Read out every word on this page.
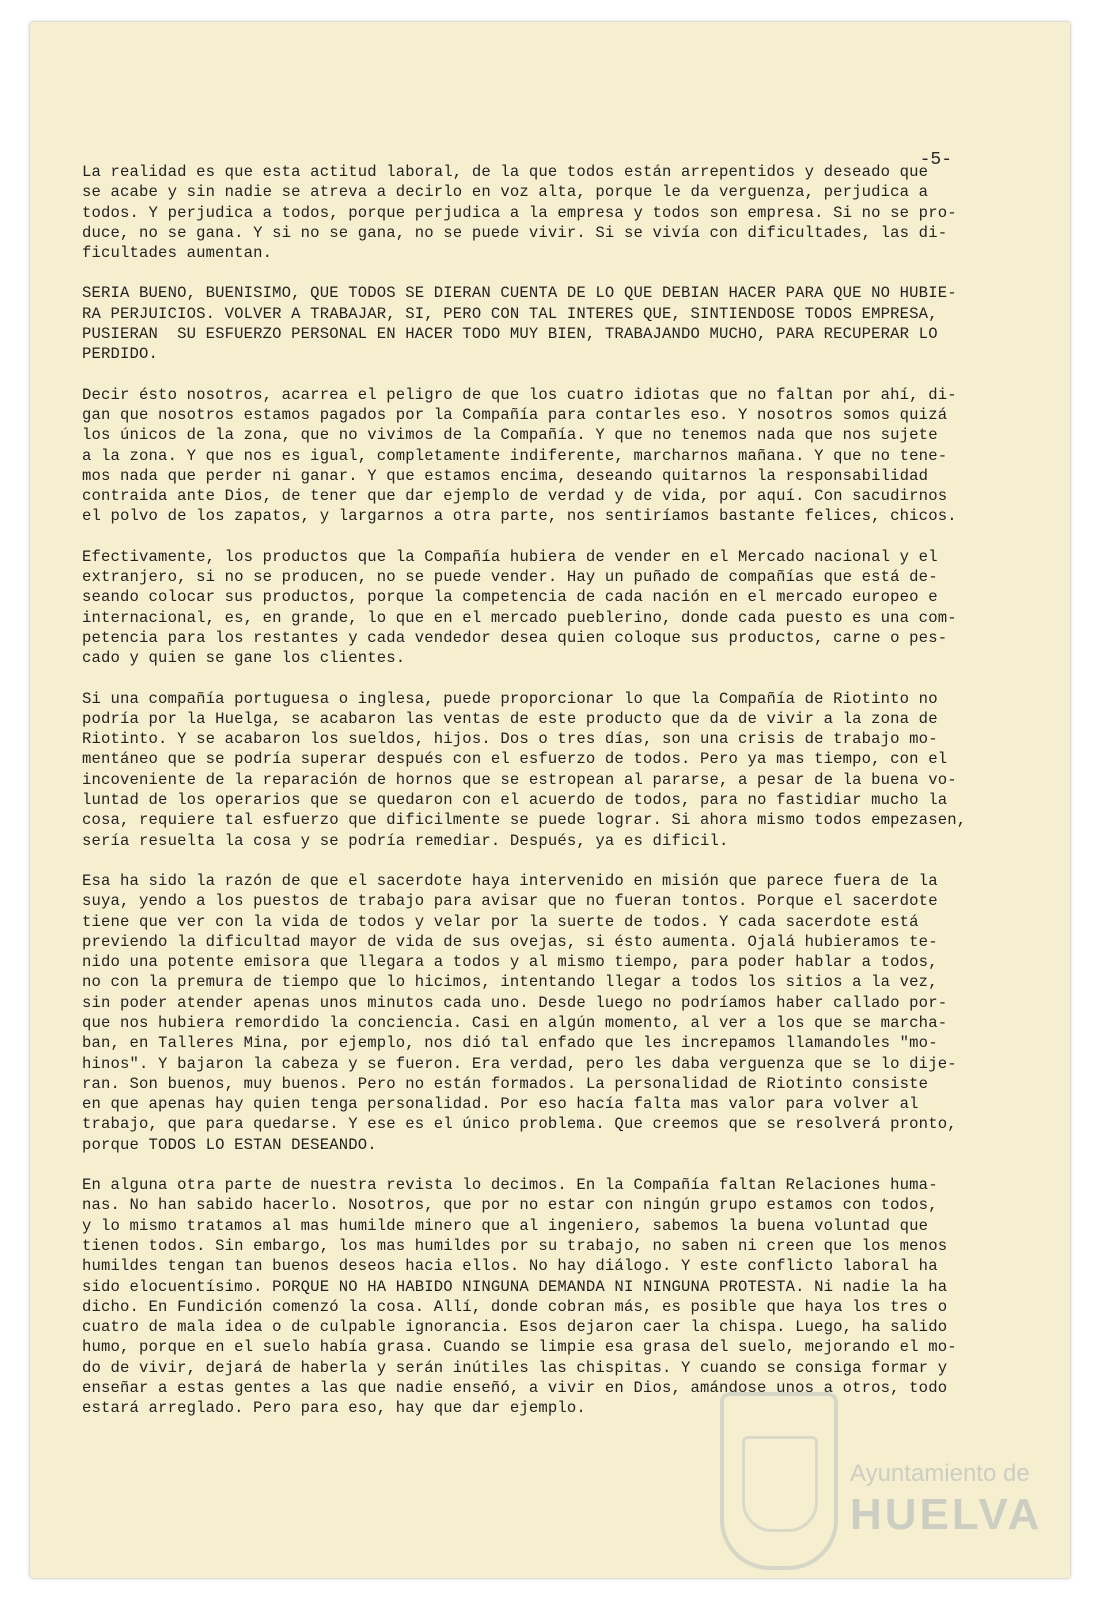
-5-
La realidad es que esta actitud laboral, de la que todos están arrepentidos y deseado que
se acabe y sin nadie se atreva a decirlo en voz alta, porque le da verguenza, perjudica a
todos. Y perjudica a todos, porque perjudica a la empresa y todos son empresa. Si no se pro-
duce, no se gana. Y si no se gana, no se puede vivir. Si se vivía con dificultades, las di-
ficultades aumentan.
SERIA BUENO, BUENISIMO, QUE TODOS SE DIERAN CUENTA DE LO QUE DEBIAN HACER PARA QUE NO HUBIE-
RA PERJUICIOS. VOLVER A TRABAJAR, SI, PERO CON TAL INTERES QUE, SINTIENDOSE TODOS EMPRESA,
PUSIERAN  SU ESFUERZO PERSONAL EN HACER TODO MUY BIEN, TRABAJANDO MUCHO, PARA RECUPERAR LO
PERDIDO.
Decir ésto nosotros, acarrea el peligro de que los cuatro idiotas que no faltan por ahí, di-
gan que nosotros estamos pagados por la Compañía para contarles eso. Y nosotros somos quizá
los únicos de la zona, que no vivimos de la Compañía. Y que no tenemos nada que nos sujete
a la zona. Y que nos es igual, completamente indiferente, marcharnos mañana. Y que no tene-
mos nada que perder ni ganar. Y que estamos encima, deseando quitarnos la responsabilidad
contraida ante Dios, de tener que dar ejemplo de verdad y de vida, por aquí. Con sacudirnos
el polvo de los zapatos, y largarnos a otra parte, nos sentiríamos bastante felices, chicos.
Efectivamente, los productos que la Compañía hubiera de vender en el Mercado nacional y el
extranjero, si no se producen, no se puede vender. Hay un puñado de compañías que está de-
seando colocar sus productos, porque la competencia de cada nación en el mercado europeo e
internacional, es, en grande, lo que en el mercado pueblerino, donde cada puesto es una com-
petencia para los restantes y cada vendedor desea quien coloque sus productos, carne o pes-
cado y quien se gane los clientes.
Si una compañía portuguesa o inglesa, puede proporcionar lo que la Compañía de Riotinto no
podría por la Huelga, se acabaron las ventas de este producto que da de vivir a la zona de
Riotinto. Y se acabaron los sueldos, hijos. Dos o tres días, son una crisis de trabajo mo-
mentáneo que se podría superar después con el esfuerzo de todos. Pero ya mas tiempo, con el
incoveniente de la reparación de hornos que se estropean al pararse, a pesar de la buena vo-
luntad de los operarios que se quedaron con el acuerdo de todos, para no fastidiar mucho la
cosa, requiere tal esfuerzo que dificilmente se puede lograr. Si ahora mismo todos empezasen,
sería resuelta la cosa y se podría remediar. Después, ya es dificil.
Esa ha sido la razón de que el sacerdote haya intervenido en misión que parece fuera de la
suya, yendo a los puestos de trabajo para avisar que no fueran tontos. Porque el sacerdote
tiene que ver con la vida de todos y velar por la suerte de todos. Y cada sacerdote está
previendo la dificultad mayor de vida de sus ovejas, si ésto aumenta. Ojalá hubieramos te-
nido una potente emisora que llegara a todos y al mismo tiempo, para poder hablar a todos,
no con la premura de tiempo que lo hicimos, intentando llegar a todos los sitios a la vez,
sin poder atender apenas unos minutos cada uno. Desde luego no podríamos haber callado por-
que nos hubiera remordido la conciencia. Casi en algún momento, al ver a los que se marcha-
ban, en Talleres Mina, por ejemplo, nos dió tal enfado que les increpamos llamandoles "mo-
hinos". Y bajaron la cabeza y se fueron. Era verdad, pero les daba verguenza que se lo dije-
ran. Son buenos, muy buenos. Pero no están formados. La personalidad de Riotinto consiste
en que apenas hay quien tenga personalidad. Por eso hacía falta mas valor para volver al
trabajo, que para quedarse. Y ese es el único problema. Que creemos que se resolverá pronto,
porque TODOS LO ESTAN DESEANDO.
En alguna otra parte de nuestra revista lo decimos. En la Compañía faltan Relaciones huma-
nas. No han sabido hacerlo. Nosotros, que por no estar con ningún grupo estamos con todos,
y lo mismo tratamos al mas humilde minero que al ingeniero, sabemos la buena voluntad que
tienen todos. Sin embargo, los mas humildes por su trabajo, no saben ni creen que los menos
humildes tengan tan buenos deseos hacia ellos. No hay diálogo. Y este conflicto laboral ha
sido elocuentísimo. PORQUE NO HA HABIDO NINGUNA DEMANDA NI NINGUNA PROTESTA. Ni nadie la ha
dicho. En Fundición comenzó la cosa. Allí, donde cobran más, es posible que haya los tres o
cuatro de mala idea o de culpable ignorancia. Esos dejaron caer la chispa. Luego, ha salido
humo, porque en el suelo había grasa. Cuando se limpie esa grasa del suelo, mejorando el mo-
do de vivir, dejará de haberla y serán inútiles las chispitas. Y cuando se consiga formar y
enseñar a estas gentes a las que nadie enseñó, a vivir en Dios, amándose unos a otros, todo
estará arreglado. Pero para eso, hay que dar ejemplo.
Ayuntamiento de
HUELVA
